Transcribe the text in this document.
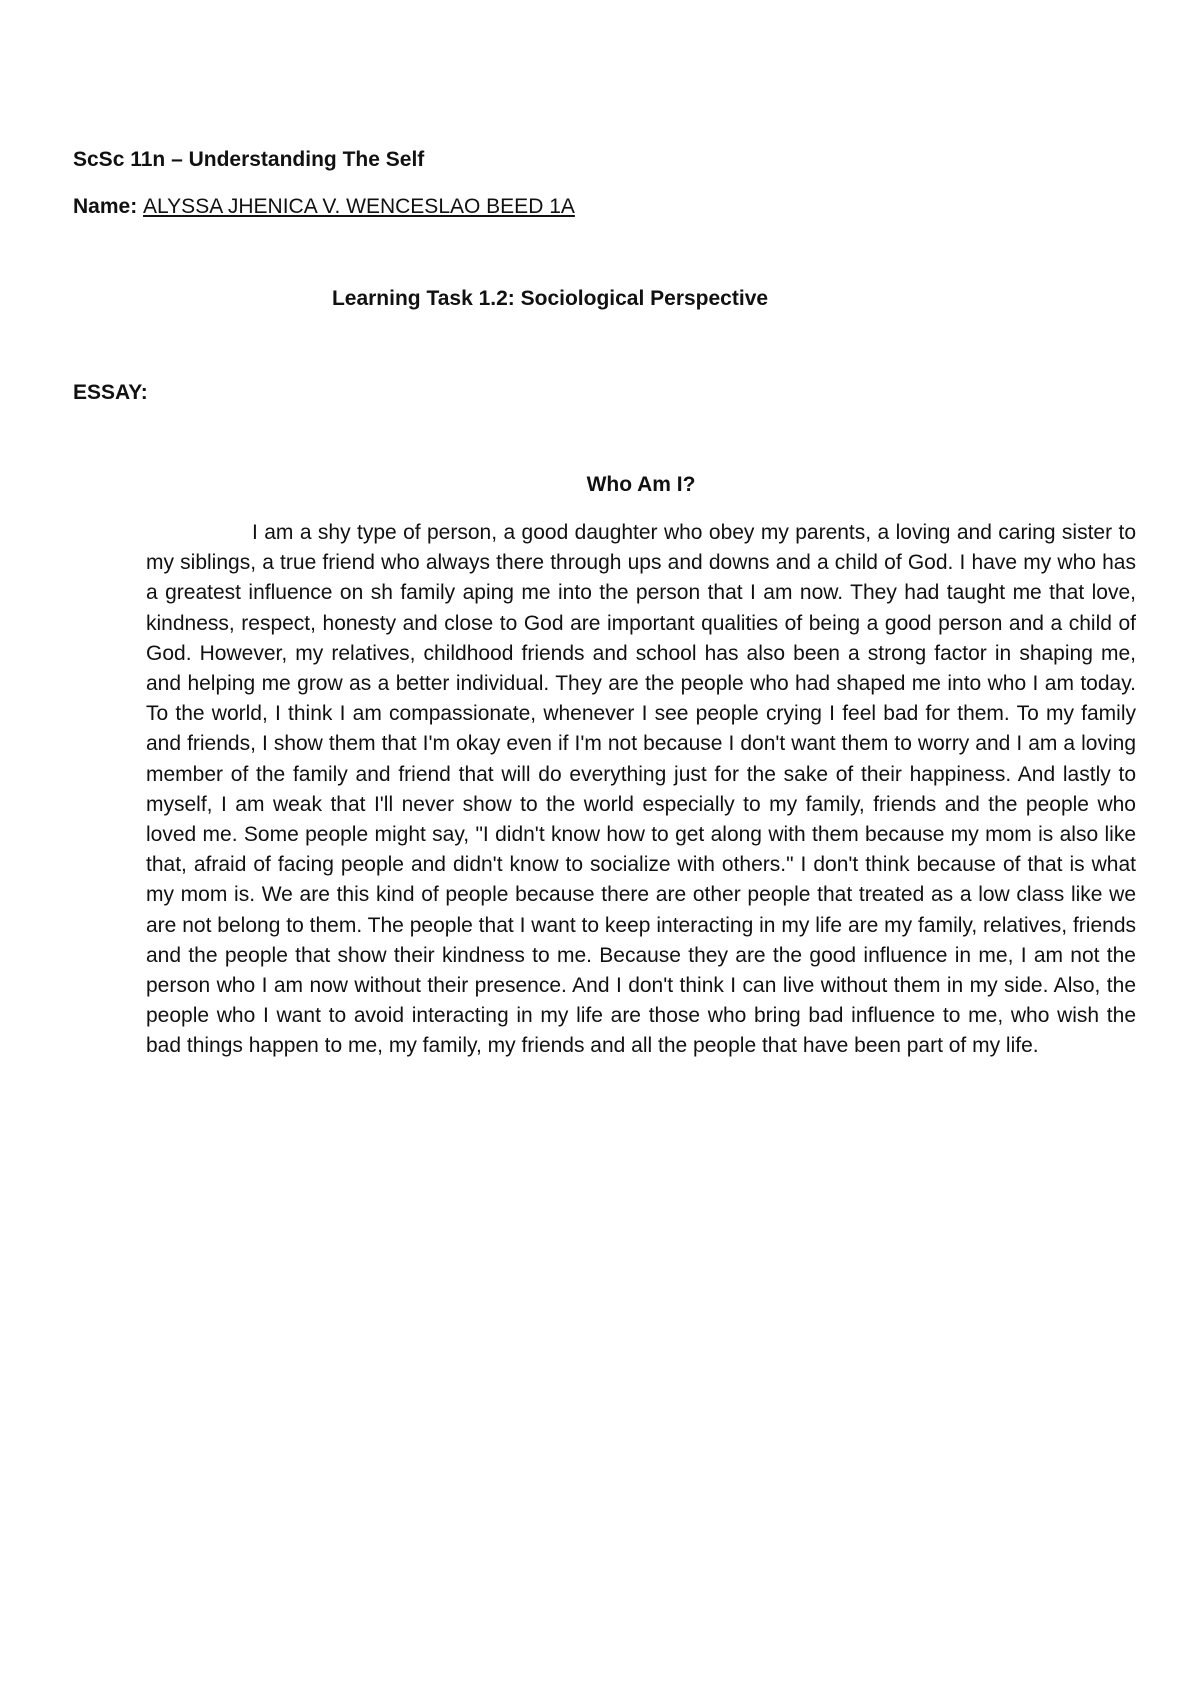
ScSc 11n – Understanding The Self

Name: ALYSSA JHENICA V. WENCESLAO BEED 1A

Learning Task 1.2: Sociological Perspective

ESSAY:

Who Am I?

I am a shy type of person, a good daughter who obey my parents, a loving and caring sister to my siblings, a true friend who always there through ups and downs and a child of God. I have my who has a greatest influence on sh family aping me into the person that I am now. They had taught me that love, kindness, respect, honesty and close to God are important qualities of being a good person and a child of God. However, my relatives, childhood friends and school has also been a strong factor in shaping me, and helping me grow as a better individual. They are the people who had shaped me into who I am today. To the world, I think I am compassionate, whenever I see people crying I feel bad for them. To my family and friends, I show them that I'm okay even if I'm not because I don't want them to worry and I am a loving member of the family and friend that will do everything just for the sake of their happiness. And lastly to myself, I am weak that I'll never show to the world especially to my family, friends and the people who loved me. Some people might say, "I didn't know how to get along with them because my mom is also like that, afraid of facing people and didn't know to socialize with others." I don't think because of that is what my mom is. We are this kind of people because there are other people that treated as a low class like we are not belong to them. The people that I want to keep interacting in my life are my family, relatives, friends and the people that show their kindness to me. Because they are the good influence in me, I am not the person who I am now without their presence. And I don't think I can live without them in my side. Also, the people who I want to avoid interacting in my life are those who bring bad influence to me, who wish the bad things happen to me, my family, my friends and all the people that have been part of my life.
